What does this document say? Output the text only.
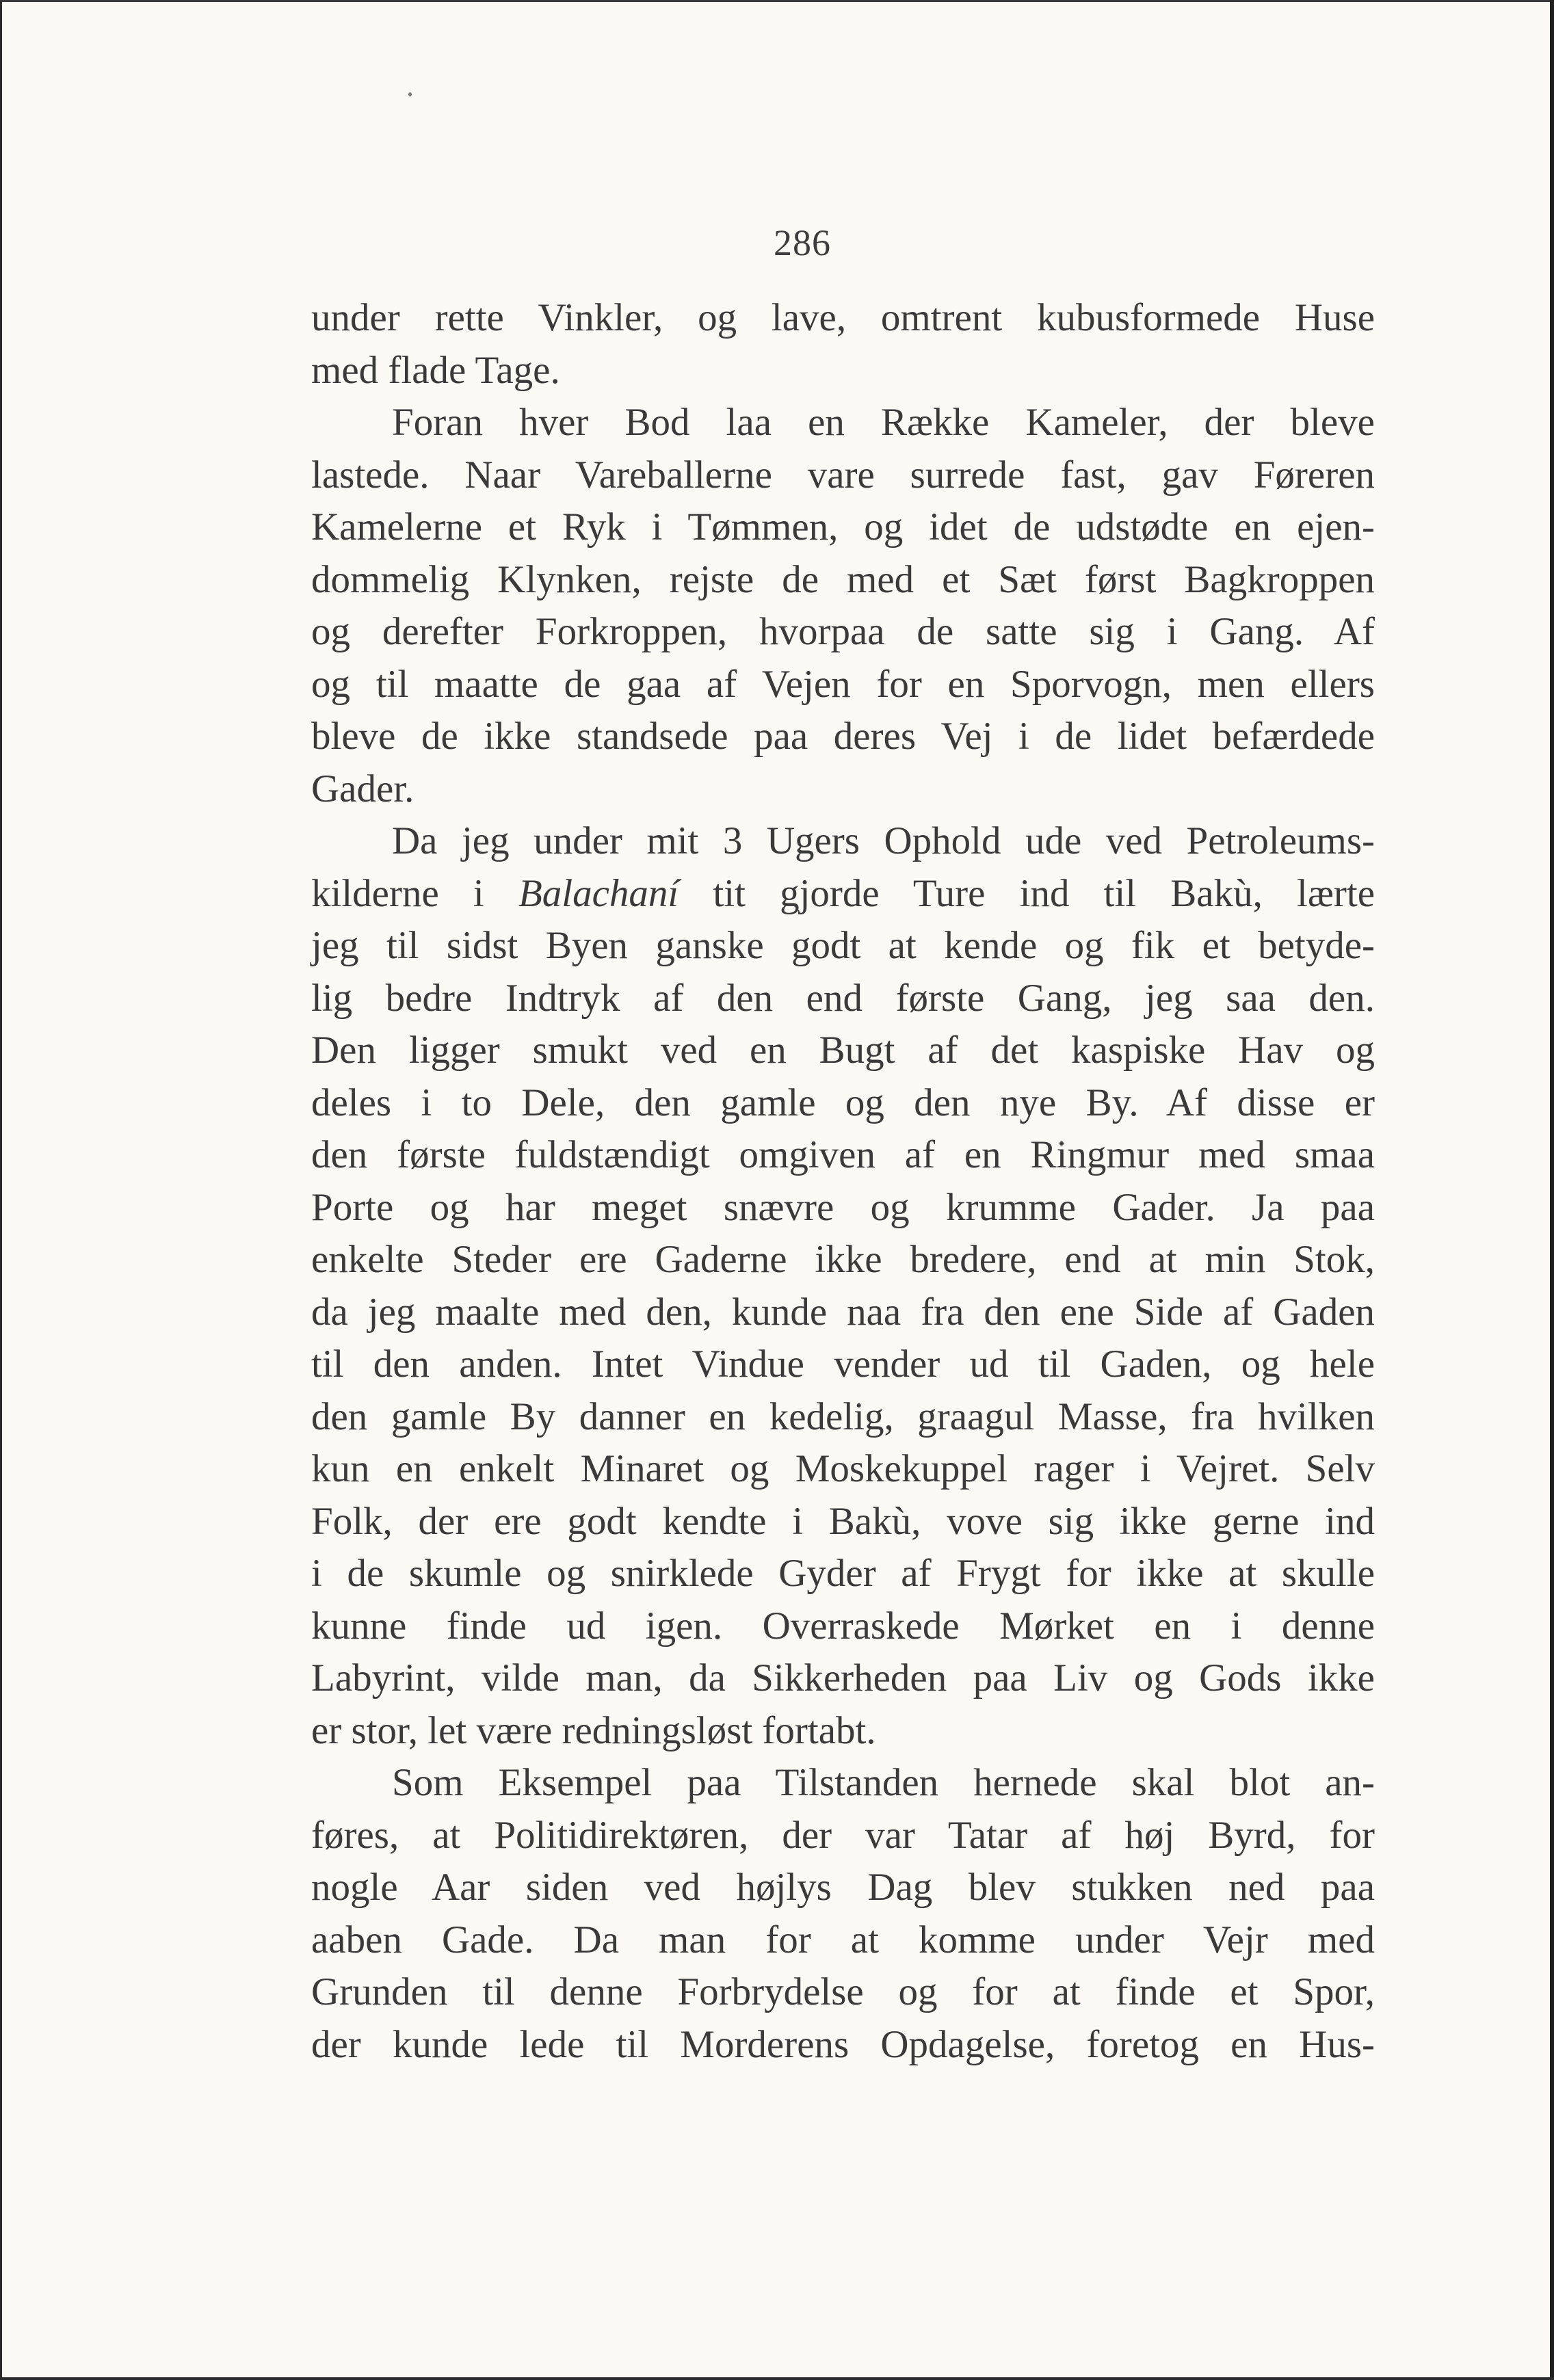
286
under rette Vinkler, og lave, omtrent kubusformede Huse
med flade Tage.
Foran hver Bod laa en Række Kameler, der bleve
lastede. Naar Vareballerne vare surrede fast, gav Føreren
Kamelerne et Ryk i Tømmen, og idet de udstødte en ejen-
dommelig Klynken, rejste de med et Sæt først Bagkroppen
og derefter Forkroppen, hvorpaa de satte sig i Gang. Af
og til maatte de gaa af Vejen for en Sporvogn, men ellers
bleve de ikke standsede paa deres Vej i de lidet befærdede
Gader.
Da jeg under mit 3 Ugers Ophold ude ved Petroleums-
kilderne i Balachaní tit gjorde Ture ind til Bakù, lærte
jeg til sidst Byen ganske godt at kende og fik et betyde-
lig bedre Indtryk af den end første Gang, jeg saa den.
Den ligger smukt ved en Bugt af det kaspiske Hav og
deles i to Dele, den gamle og den nye By. Af disse er
den første fuldstændigt omgiven af en Ringmur med smaa
Porte og har meget snævre og krumme Gader. Ja paa
enkelte Steder ere Gaderne ikke bredere, end at min Stok,
da jeg maalte med den, kunde naa fra den ene Side af Gaden
til den anden. Intet Vindue vender ud til Gaden, og hele
den gamle By danner en kedelig, graagul Masse, fra hvilken
kun en enkelt Minaret og Moskekuppel rager i Vejret. Selv
Folk, der ere godt kendte i Bakù, vove sig ikke gerne ind
i de skumle og snirklede Gyder af Frygt for ikke at skulle
kunne finde ud igen. Overraskede Mørket en i denne
Labyrint, vilde man, da Sikkerheden paa Liv og Gods ikke
er stor, let være redningsløst fortabt.
Som Eksempel paa Tilstanden hernede skal blot an-
føres, at Politidirektøren, der var Tatar af høj Byrd, for
nogle Aar siden ved højlys Dag blev stukken ned paa
aaben Gade. Da man for at komme under Vejr med
Grunden til denne Forbrydelse og for at finde et Spor,
der kunde lede til Morderens Opdagelse, foretog en Hus-
